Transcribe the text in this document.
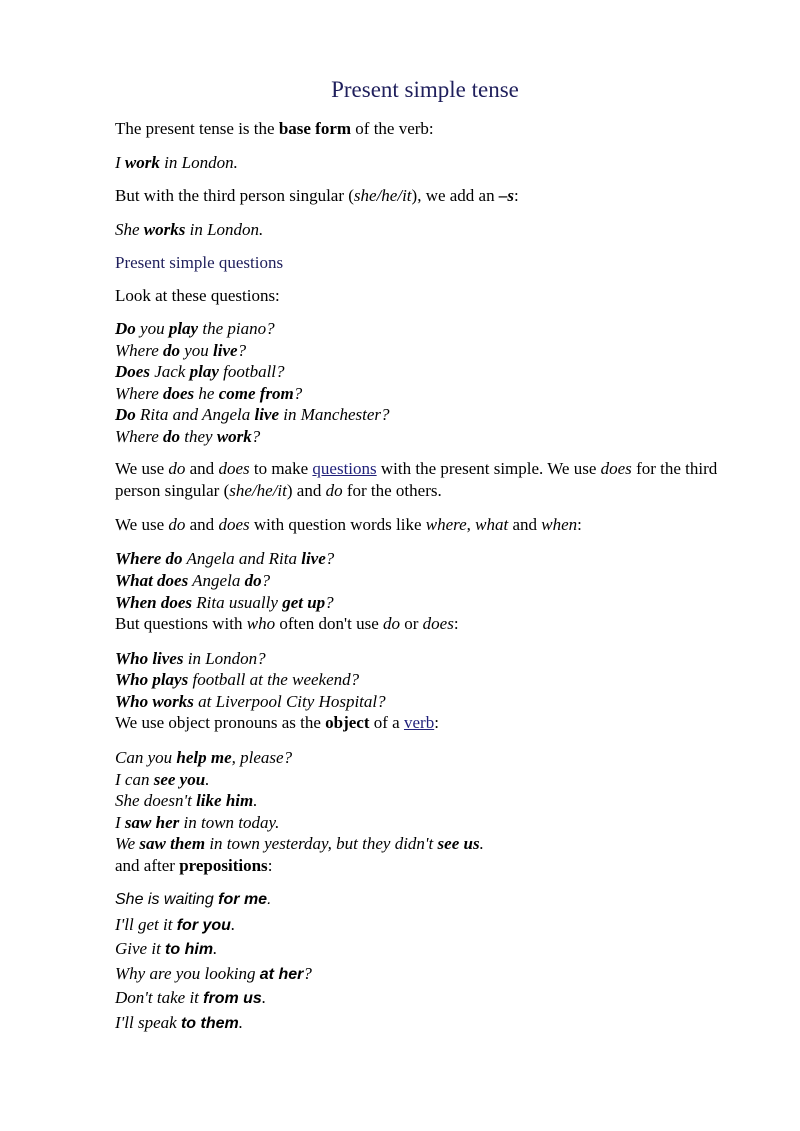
Present simple tense
The present tense is the base form of the verb:
I work in London.
But with the third person singular (she/he/it), we add an –s:
She works in London.
Present simple questions
Look at these questions:
Do you play the piano?
Where do you live?
Does Jack play football?
Where does he come from?
Do Rita and Angela live in Manchester?
Where do they work?
We use do and does to make questions with the present simple. We use does for the third person singular (she/he/it) and do for the others.
We use do and does with question words like where, what and when:
Where do Angela and Rita live?
What does Angela do?
When does Rita usually get up?
But questions with who often don't use do or does:
Who lives in London?
Who plays football at the weekend?
Who works at Liverpool City Hospital?
We use object pronouns as the object of a verb:
Can you help me, please?
I can see you.
She doesn't like him.
I saw her in town today.
We saw them in town yesterday, but they didn't see us.
and after prepositions:
She is waiting for me.
I'll get it for you.
Give it to him.
Why are you looking at her?
Don't take it from us.
I'll speak to them.
